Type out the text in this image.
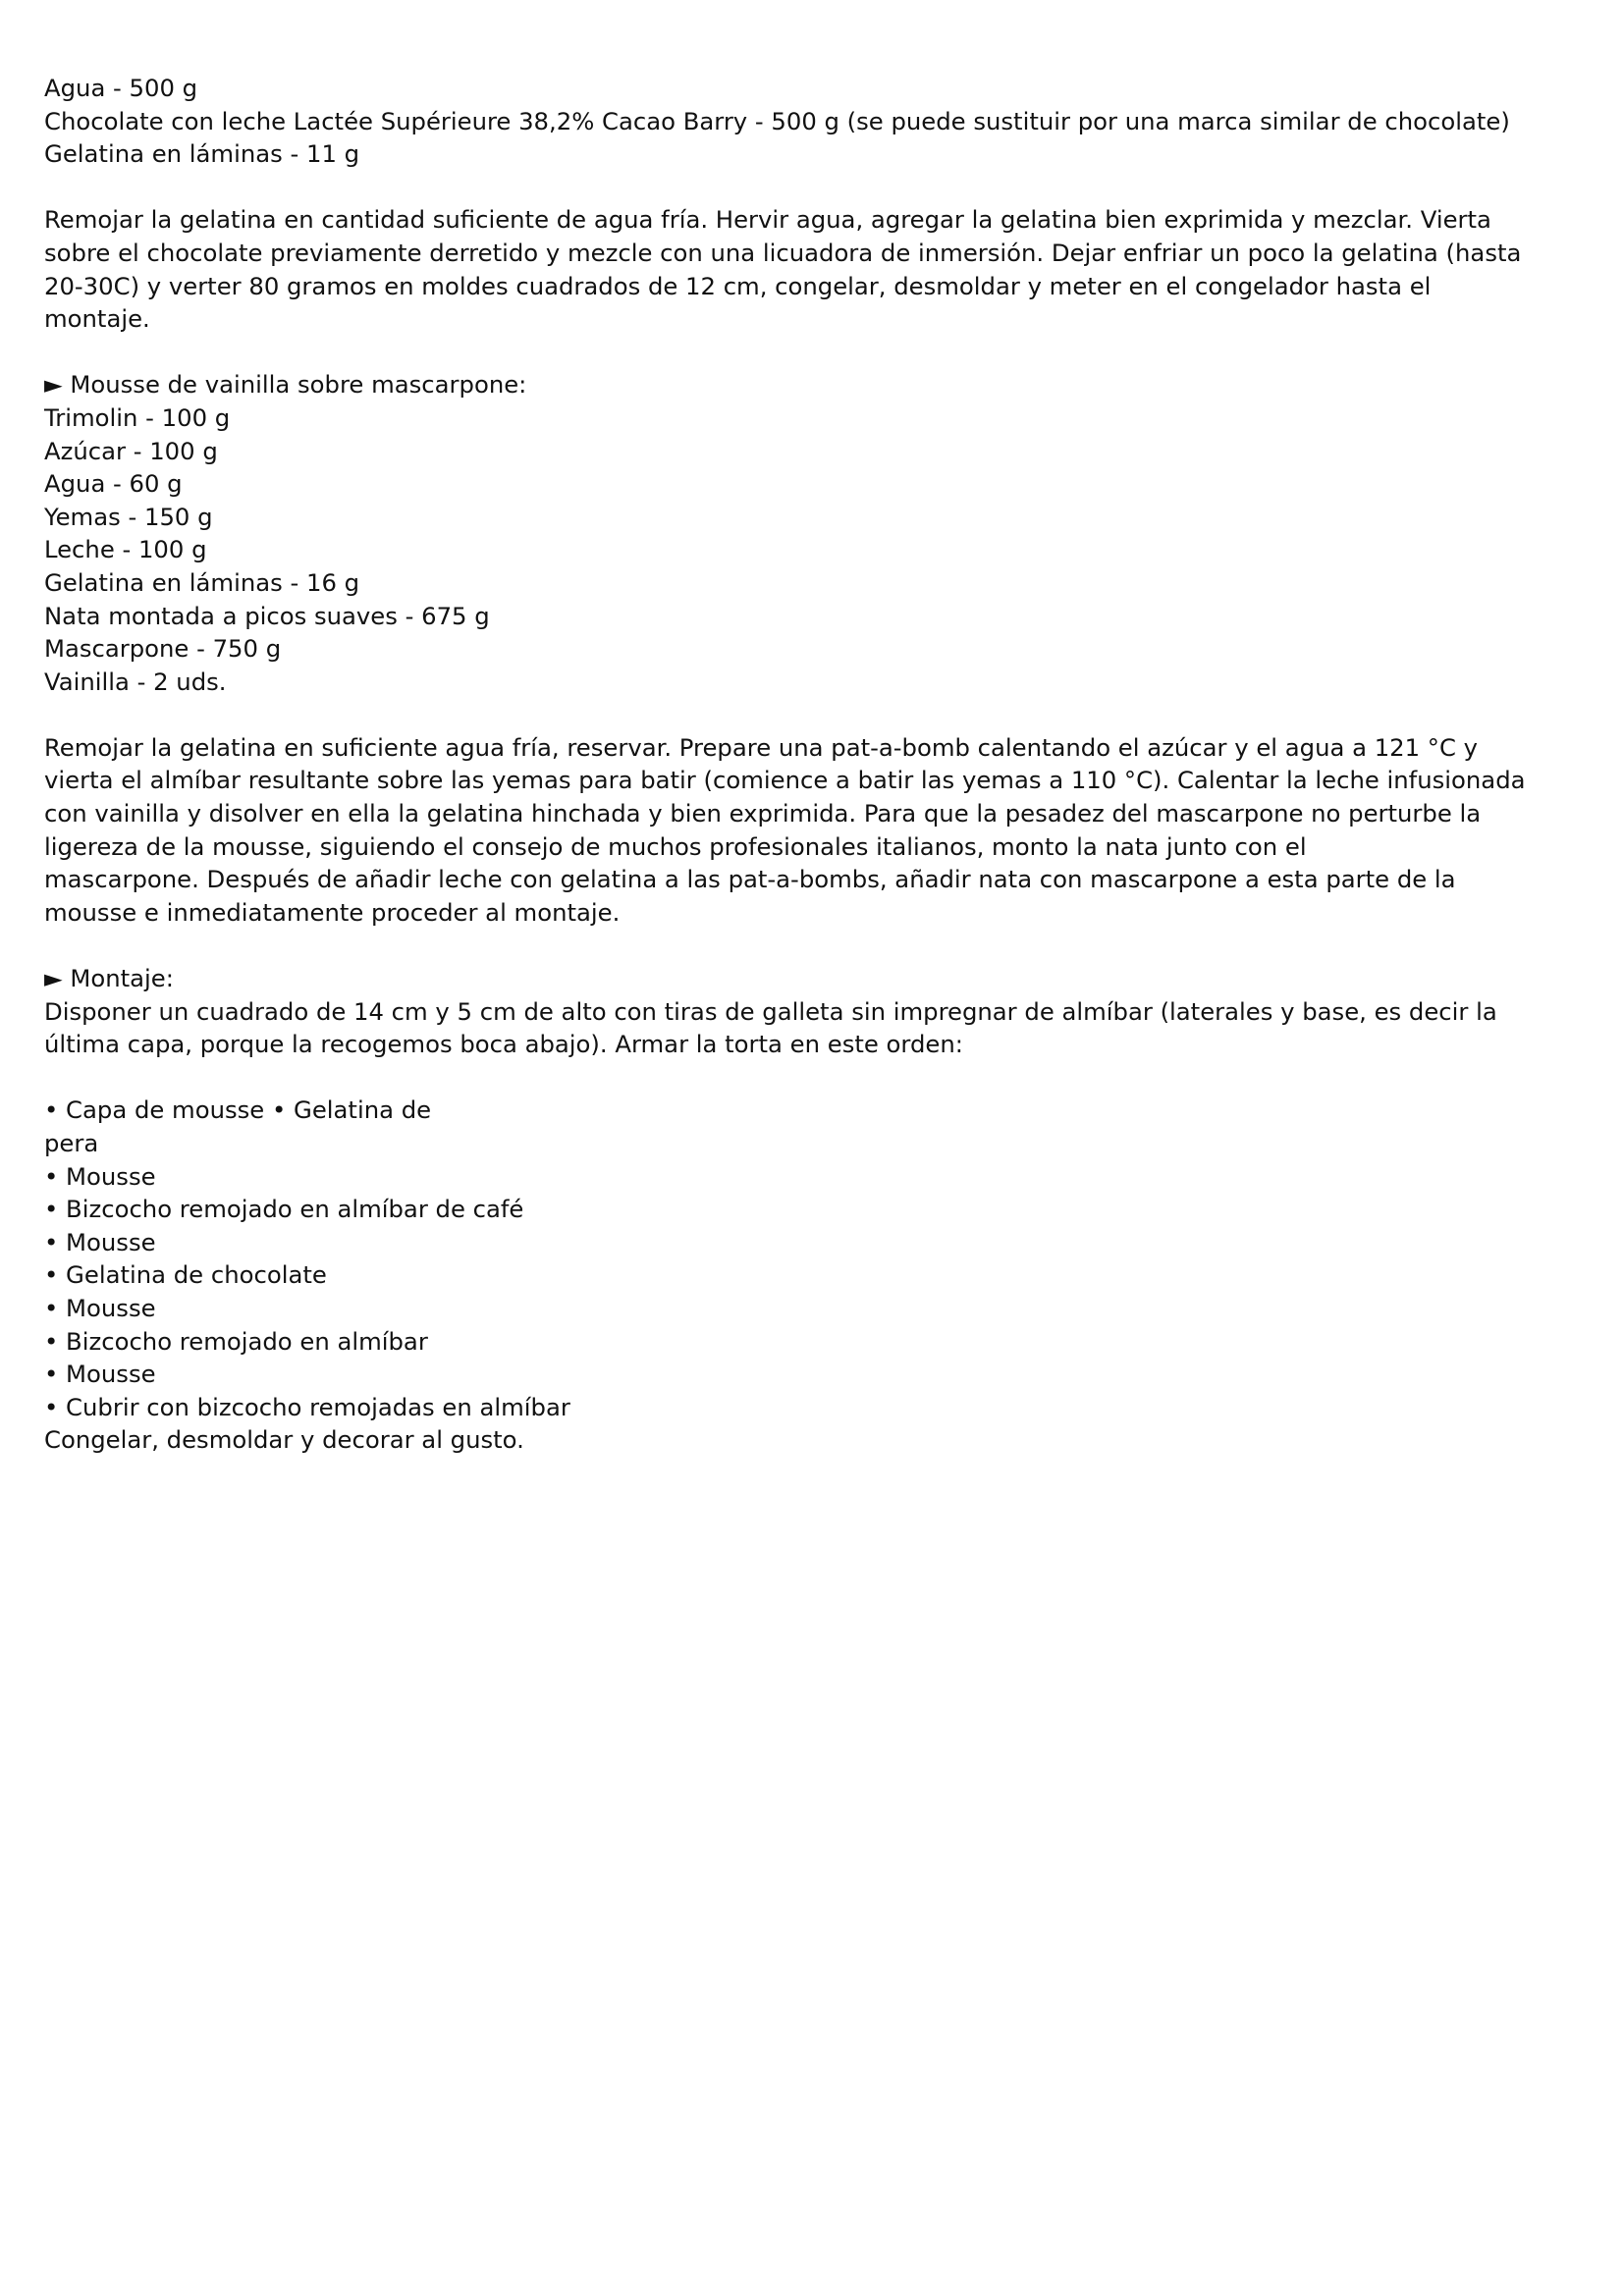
Agua - 500 g
Chocolate con leche Lactée Supérieure 38,2% Cacao Barry - 500 g (se puede sustituir por una marca similar de chocolate)
Gelatina en láminas - 11 g
Remojar la gelatina en cantidad suficiente de agua fría. Hervir agua, agregar la gelatina bien exprimida y mezclar. Vierta
sobre el chocolate previamente derretido y mezcle con una licuadora de inmersión. Dejar enfriar un poco la gelatina (hasta
20-30C) y verter 80 gramos en moldes cuadrados de 12 cm, congelar, desmoldar y meter en el congelador hasta el
montaje.
► Mousse de vainilla sobre mascarpone:
Trimolin - 100 g
Azúcar - 100 g
Agua - 60 g
Yemas - 150 g
Leche - 100 g
Gelatina en láminas - 16 g
Nata montada a picos suaves - 675 g
Mascarpone - 750 g
Vainilla - 2 uds.
Remojar la gelatina en suficiente agua fría, reservar. Prepare una pat-a-bomb calentando el azúcar y el agua a 121 °C y
vierta el almíbar resultante sobre las yemas para batir (comience a batir las yemas a 110 °C). Calentar la leche infusionada
con vainilla y disolver en ella la gelatina hinchada y bien exprimida. Para que la pesadez del mascarpone no perturbe la
ligereza de la mousse, siguiendo el consejo de muchos profesionales italianos, monto la nata junto con el
mascarpone. Después de añadir leche con gelatina a las pat-a-bombs, añadir nata con mascarpone a esta parte de la
mousse e inmediatamente proceder al montaje.
► Montaje:
Disponer un cuadrado de 14 cm y 5 cm de alto con tiras de galleta sin impregnar de almíbar (laterales y base, es decir la
última capa, porque la recogemos boca abajo). Armar la torta en este orden:
• Capa de mousse • Gelatina de pera
• Mousse
• Bizcocho remojado en almíbar de café
• Mousse
• Gelatina de chocolate
• Mousse
• Bizcocho remojado en almíbar
• Mousse
• Cubrir con bizcocho remojadas en almíbar
Congelar, desmoldar y decorar al gusto.
